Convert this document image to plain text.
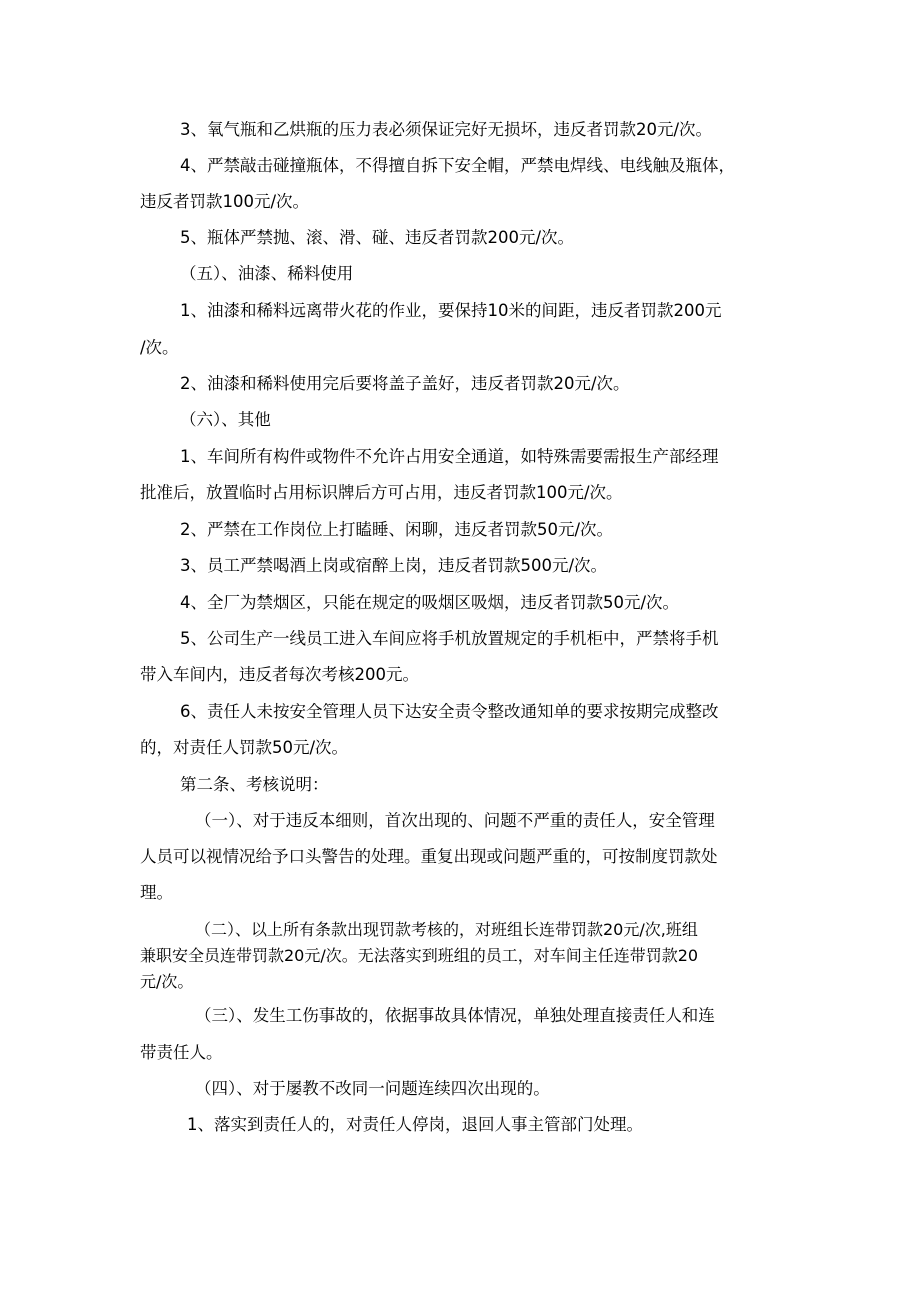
3、氧气瓶和乙烘瓶的压力表必须保证完好无损坏，违反者罚款20元/次。

4、严禁敲击碰撞瓶体，不得擅自拆下安全帽，严禁电焊线、电线触及瓶体，

违反者罚款100元/次。

5、瓶体严禁抛、滚、滑、碰、违反者罚款200元/次。

（五）、油漆、稀料使用

1、油漆和稀料远离带火花的作业，要保持10米的间距，违反者罚款200元

/次。

2、油漆和稀料使用完后要将盖子盖好，违反者罚款20元/次。

（六）、其他

1、车间所有构件或物件不允许占用安全通道，如特殊需要需报生产部经理

批准后，放置临时占用标识牌后方可占用，违反者罚款100元/次。

2、严禁在工作岗位上打瞌睡、闲聊，违反者罚款50元/次。

3、员工严禁喝酒上岗或宿醉上岗，违反者罚款500元/次。

4、全厂为禁烟区，只能在规定的吸烟区吸烟，违反者罚款50元/次。

5、公司生产一线员工进入车间应将手机放置规定的手机柜中，严禁将手机

带入车间内，违反者每次考核200元。

6、责任人未按安全管理人员下达安全责令整改通知单的要求按期完成整改

的，对责任人罚款50元/次。

第二条、考核说明：

（一）、对于违反本细则，首次出现的、问题不严重的责任人，安全管理

人员可以视情况给予口头警告的处理。重复出现或问题严重的，可按制度罚款处

理。

（二）、以上所有条款出现罚款考核的，对班组长连带罚款20元/次,班组

兼职安全员连带罚款20元/次。无法落实到班组的员工，对车间主任连带罚款20

元/次。

（三）、发生工伤事故的，依据事故具体情况，单独处理直接责任人和连

带责任人。

（四）、对于屡教不改同一问题连续四次出现的。

1、落实到责任人的，对责任人停岗，退回人事主管部门处理。
